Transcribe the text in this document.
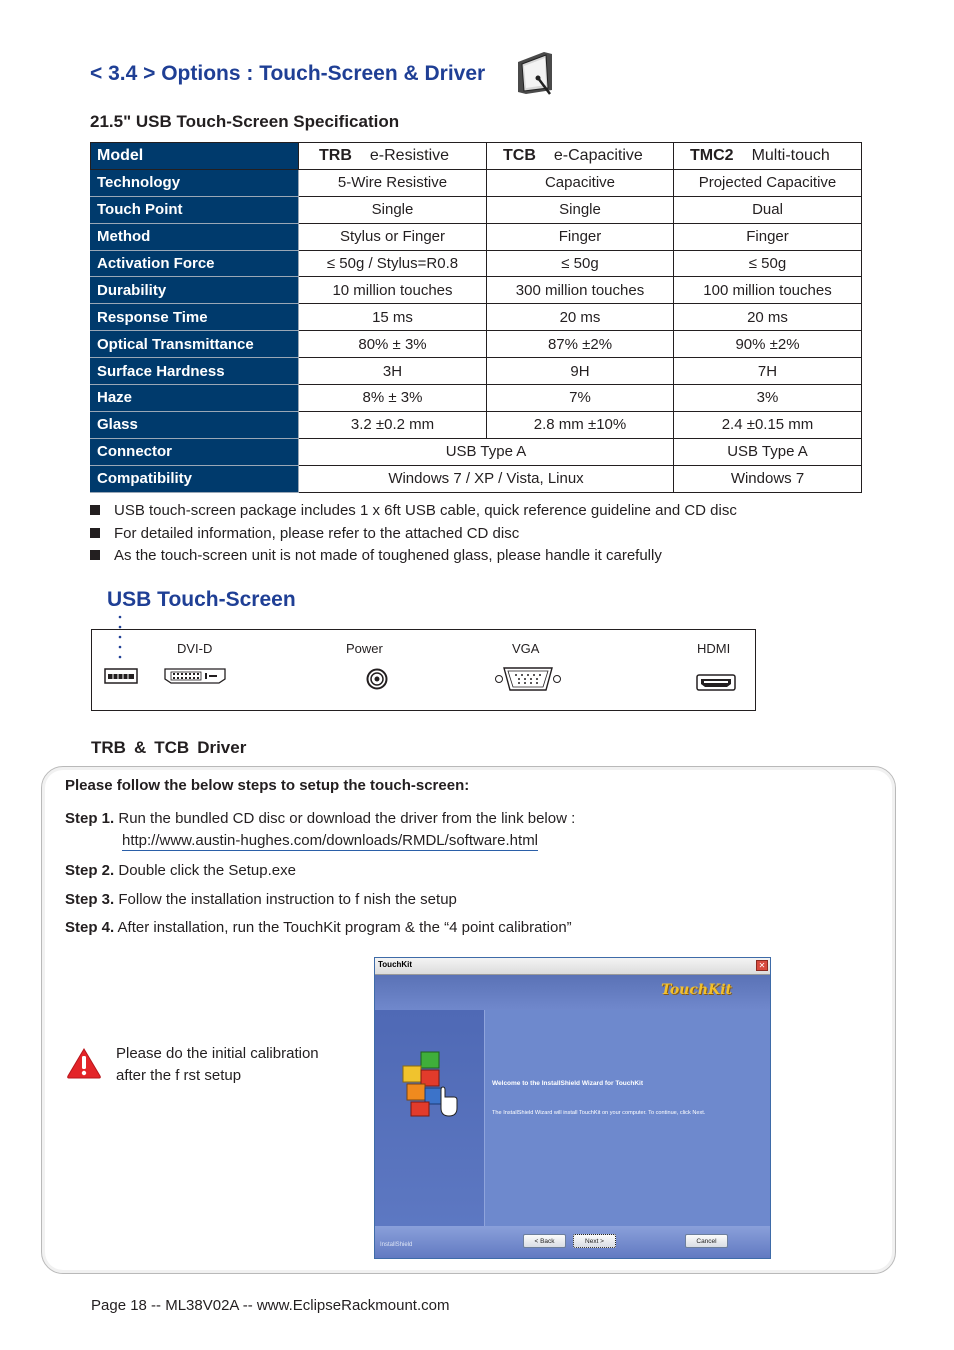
< 3.4 > Options : Touch-Screen & Driver
21.5" USB Touch-Screen Specification
Model	TRB e-Resistive	TCB e-Capacitive	TMC2 Multi-touch
Technology	5-Wire Resistive	Capacitive	Projected Capacitive
Touch Point	Single	Single	Dual
Method	Stylus or Finger	Finger	Finger
Activation Force	≤ 50g / Stylus=R0.8	≤ 50g	≤ 50g
Durability	10 million touches	300 million touches	100 million touches
Response Time	15 ms	20 ms	20 ms
Optical Transmittance	80% ± 3%	87% ±2%	90% ±2%
Surface Hardness	3H	9H	7H
Haze	8% ± 3%	7%	3%
Glass	3.2 ±0.2 mm	2.8 mm ±10%	2.4 ±0.15 mm
Connector	USB Type A		USB Type A
Compatibility	Windows 7 / XP / Vista, Linux		Windows 7
USB touch-screen package includes 1 x 6ft USB cable, quick reference guideline and CD disc
For detailed information, please refer to the attached CD disc
As the touch-screen unit is not made of toughened glass, please handle it carefully
USB Touch-Screen
DVI-D	Power	VGA	HDMI
TRB & TCB Driver
Please follow the below steps to setup the touch-screen:
Step 1. Run the bundled CD disc or download the driver from the link below :
http://www.austin-hughes.com/downloads/RMDL/software.html
Step 2. Double click the Setup.exe
Step 3. Follow the installation instruction to f nish the setup
Step 4. After installation, run the TouchKit program & the “4 point calibration”
Please do the initial calibration
after the f rst setup
TouchKit	✕
TouchKit
Welcome to the InstallShield Wizard for TouchKit
The InstallShield Wizard will install TouchKit on your computer. To continue, click Next.
InstallShield	< Back	Next >	Cancel
Page 18 -- ML38V02A -- www.EclipseRackmount.com
